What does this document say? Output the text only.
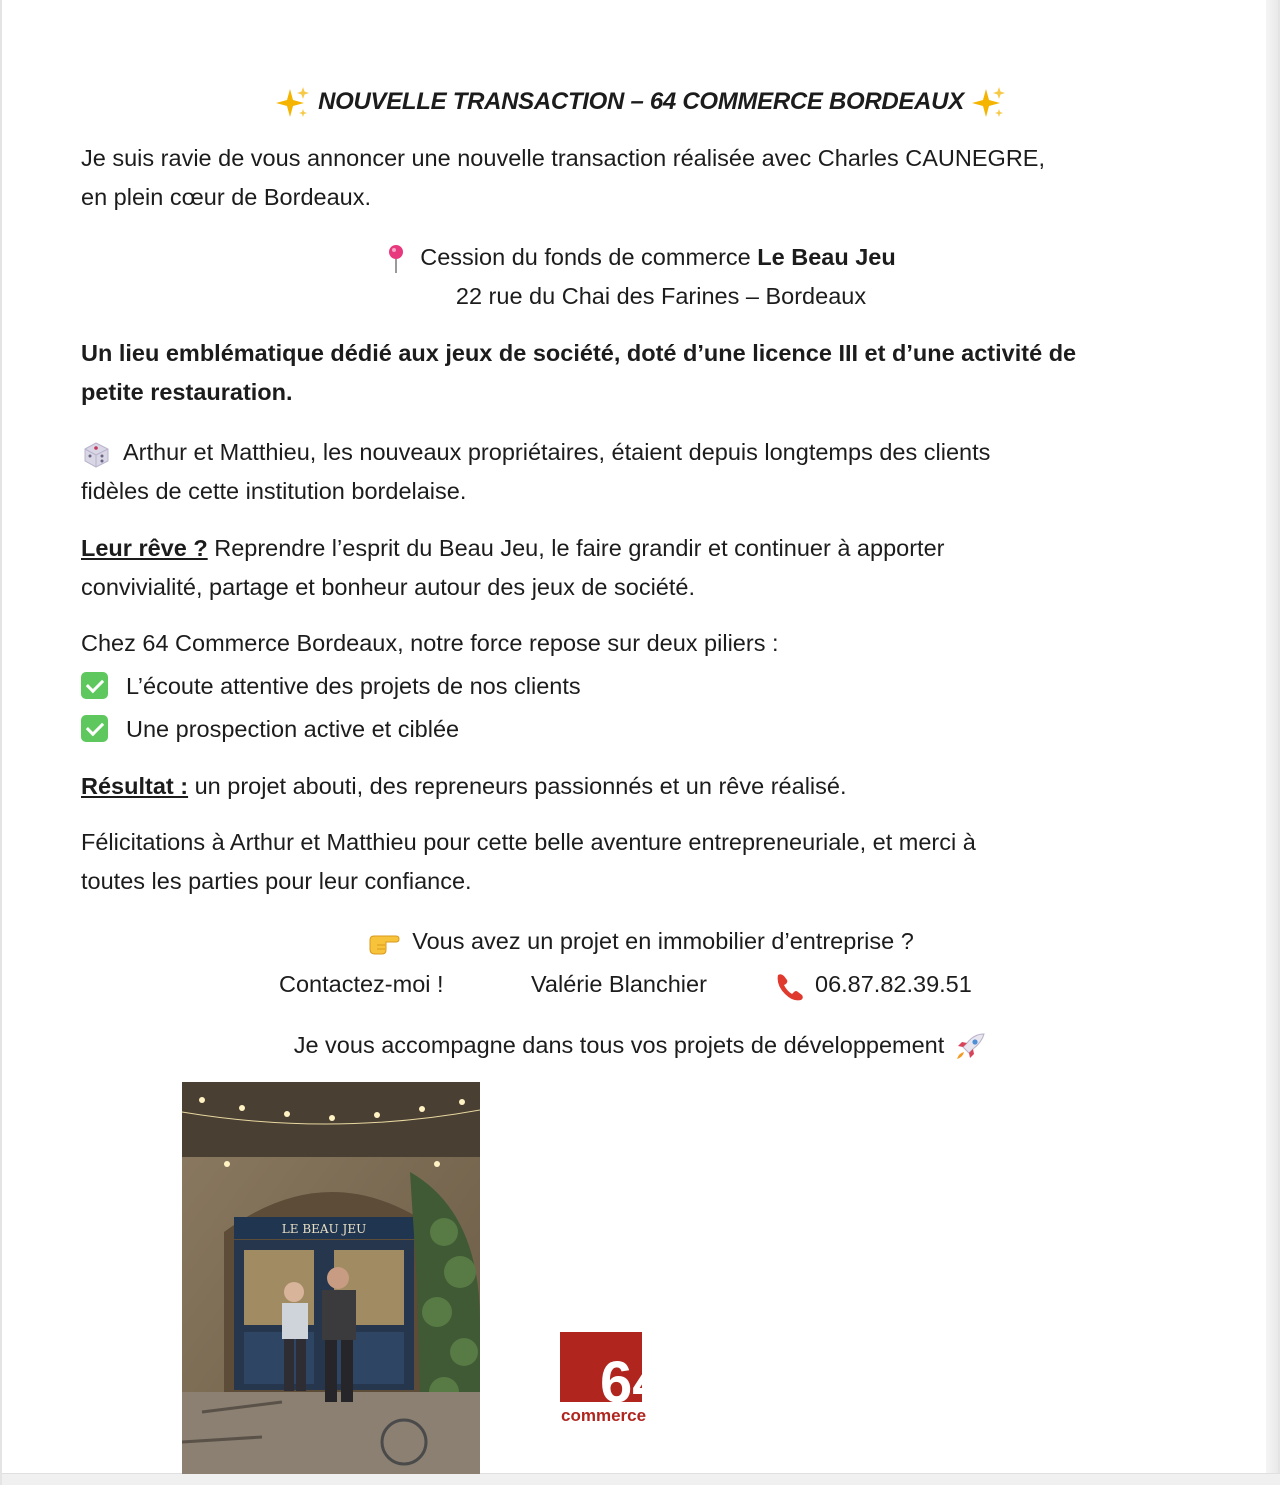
NOUVELLE TRANSACTION – 64 COMMERCE BORDEAUX
Je suis ravie de vous annoncer une nouvelle transaction réalisée avec Charles CAUNEGRE,
en plein cœur de Bordeaux.
Cession du fonds de commerce Le Beau Jeu
22 rue du Chai des Farines – Bordeaux
Un lieu emblématique dédié aux jeux de société, doté d’une licence III et d’une activité de
petite restauration.
Arthur et Matthieu, les nouveaux propriétaires, étaient depuis longtemps des clients
fidèles de cette institution bordelaise.
Leur rêve ? Reprendre l’esprit du Beau Jeu, le faire grandir et continuer à apporter
convivialité, partage et bonheur autour des jeux de société.
Chez 64 Commerce Bordeaux, notre force repose sur deux piliers :
L’écoute attentive des projets de nos clients
Une prospection active et ciblée
Résultat : un projet abouti, des repreneurs passionnés et un rêve réalisé.
Félicitations à Arthur et Matthieu pour cette belle aventure entrepreneuriale, et merci à
toutes les parties pour leur confiance.
Vous avez un projet en immobilier d’entreprise ?
Contactez-moi !	Valérie Blanchier	06.87.82.39.51
Je vous accompagne dans tous vos projets de développement
LE BEAU JEU
64
commerce
